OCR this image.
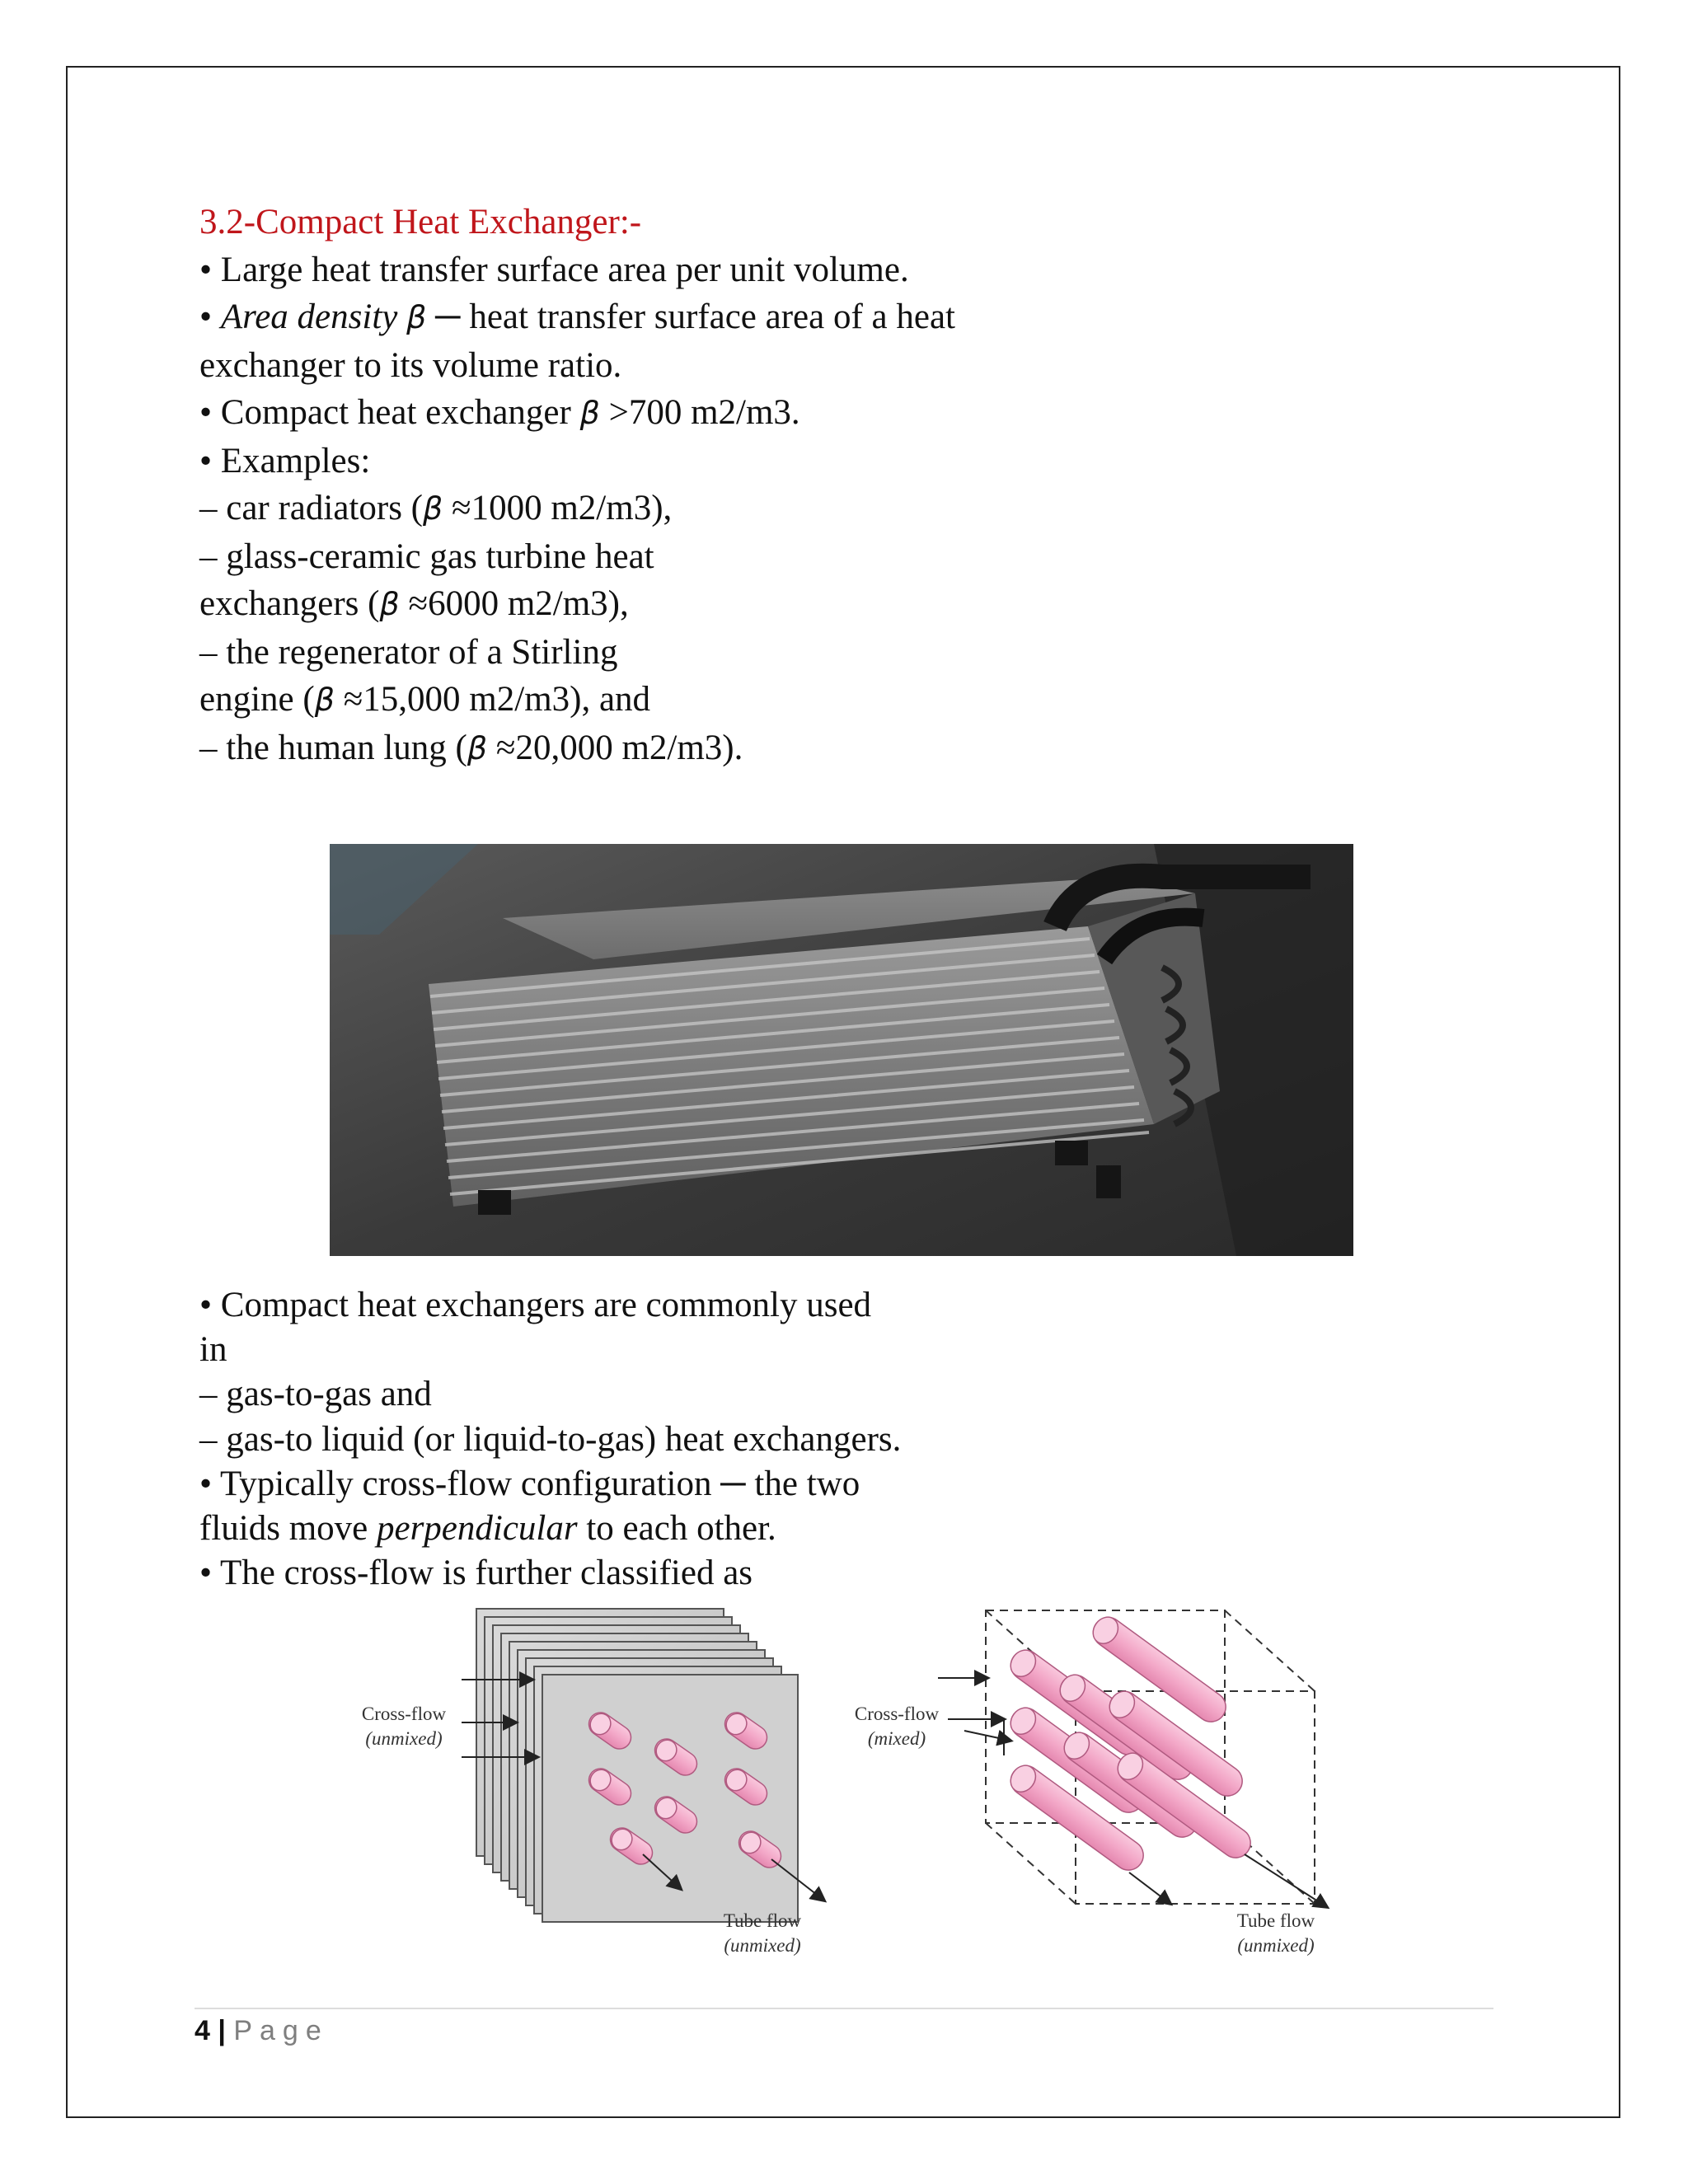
3.2-Compact Heat Exchanger:-

• Large heat transfer surface area per unit volume.

• Area density β ─ heat transfer surface area of a heat

exchanger to its volume ratio.

• Compact heat exchanger β >700 m2/m3.

• Examples:

– car radiators (β ≈1000 m2/m3),

– glass-ceramic gas turbine heat

exchangers (β ≈6000 m2/m3),

– the regenerator of a Stirling

engine (β ≈15,000 m2/m3), and

– the human lung (β ≈20,000 m2/m3).

• Compact heat exchangers are commonly used

in

– gas-to-gas and

– gas-to liquid (or liquid-to-gas) heat exchangers.

• Typically cross-flow configuration ─ the two

fluids move perpendicular to each other.

• The cross-flow is further classified as

Cross-flow
(unmixed)
Tube flow
(unmixed)
Cross-flow
(mixed)
Tube flow
(unmixed)
4 | Page
